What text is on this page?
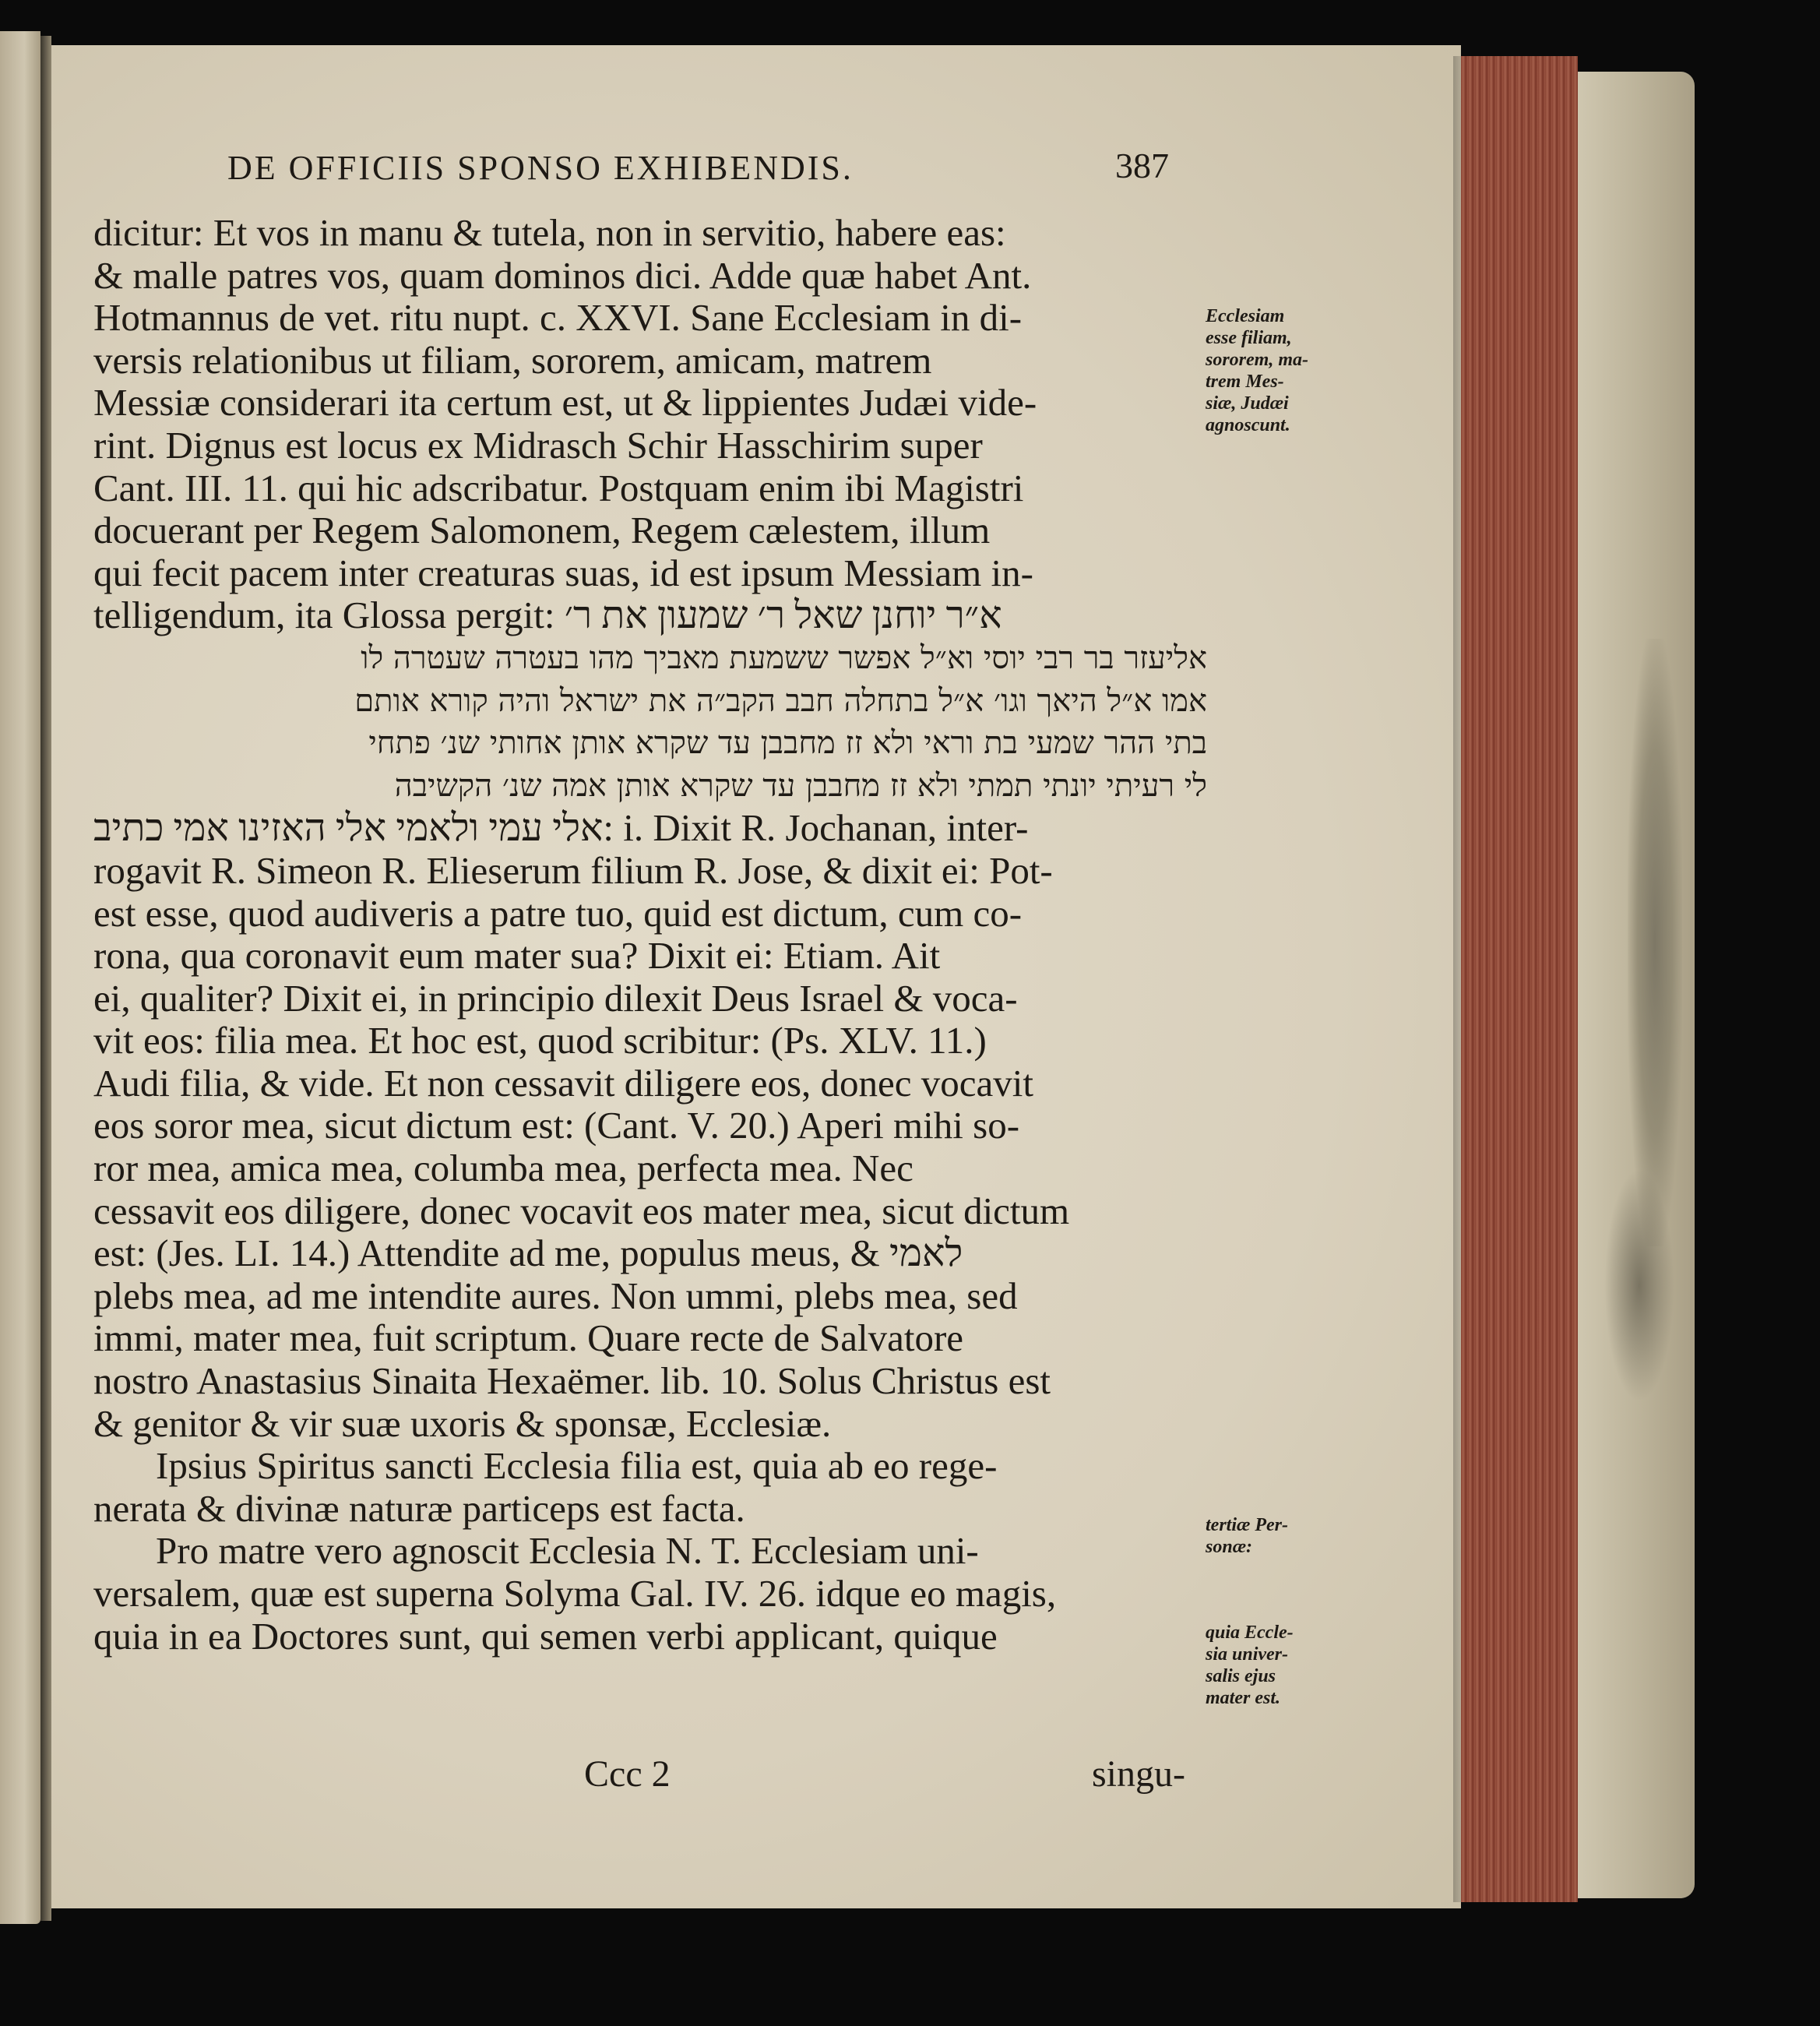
DE OFFICIIS SPONSO EXHIBENDIS.	387
dicitur: Et vos in manu & tutela, non in servitio, habere eas:
& malle patres vos, quam dominos dici. Adde quæ habet Ant.
Hotmannus de vet. ritu nupt. c. XXVI. Sane Ecclesiam in di-
versis relationibus ut filiam, sororem, amicam, matrem
Messiæ considerari ita certum est, ut & lippientes Judæi vide-
rint. Dignus est locus ex Midrasch Schir Hasschirim super
Cant. III. 11. qui hic adscribatur. Postquam enim ibi Magistri
docuerant per Regem Salomonem, Regem cælestem, illum
qui fecit pacem inter creaturas suas, id est ipsum Messiam in-
telligendum, ita Glossa pergit: א״ר יוחנן שאל ר׳ שמעון את ר׳
אליעזר בר רבי יוסי וא״ל אפשר ששמעת מאביך מהו בעטרה שעטרה לו
אמו א״ל היאך וגו׳ א״ל בתחלה חבב הקב״ה את ישראל והיה קורא אותם
בתי ההר שמעי בת וראי ולא זז מחבבן עד שקרא אותן אחותי שנ׳ פתחי
לי רעיתי יונתי תמתי ולא זז מחבבן עד שקרא אותן אמה שנ׳ הקשיבה
אלי עמי ולאמי אלי האזינו אמי כתיב: i. Dixit R. Jochanan, inter-
rogavit R. Simeon R. Elieserum filium R. Jose, & dixit ei: Pot-
est esse, quod audiveris a patre tuo, quid est dictum, cum co-
rona, qua coronavit eum mater sua? Dixit ei: Etiam. Ait
ei, qualiter? Dixit ei, in principio dilexit Deus Israel & voca-
vit eos: filia mea. Et hoc est, quod scribitur: (Ps. XLV. 11.)
Audi filia, & vide. Et non cessavit diligere eos, donec vocavit
eos soror mea, sicut dictum est: (Cant. V. 20.) Aperi mihi so-
ror mea, amica mea, columba mea, perfecta mea. Nec
cessavit eos diligere, donec vocavit eos mater mea, sicut dictum
est: (Jes. LI. 14.) Attendite ad me, populus meus, & לאמי
plebs mea, ad me intendite aures. Non ummi, plebs mea, sed
immi, mater mea, fuit scriptum. Quare recte de Salvatore
nostro Anastasius Sinaita Hexaëmer. lib. 10. Solus Christus est
& genitor & vir suæ uxoris & sponsæ, Ecclesiæ.
Ipsius Spiritus sancti Ecclesia filia est, quia ab eo rege-
nerata & divinæ naturæ particeps est facta.
Pro matre vero agnoscit Ecclesia N. T. Ecclesiam uni-
versalem, quæ est superna Solyma Gal. IV. 26. idque eo magis,
quia in ea Doctores sunt, qui semen verbi applicant, quique
Ecclesiam
esse filiam,
sororem, ma-
trem Mes-
siæ, Judæi
agnoscunt.
tertiæ Per-
sonæ:
quia Eccle-
sia univer-
salis ejus
mater est.
Ccc 2	singu-
